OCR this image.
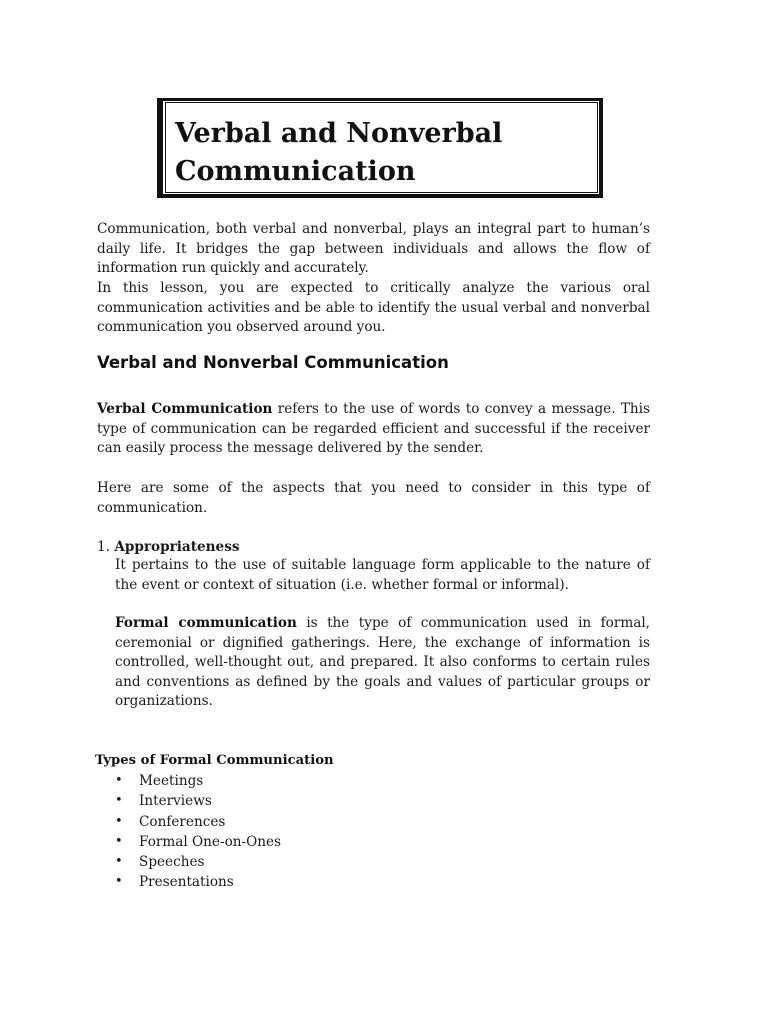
Verbal and Nonverbal
Communication

Communication, both verbal and nonverbal, plays an integral part to human’s daily life. It bridges the gap between individuals and allows the flow of information run quickly and accurately.

In this lesson, you are expected to critically analyze the various oral communication activities and be able to identify the usual verbal and nonverbal communication you observed around you.

Verbal and Nonverbal Communication

Verbal Communication refers to the use of words to convey a message. This type of communication can be regarded efficient and successful if the receiver can easily process the message delivered by the sender.

Here are some of the aspects that you need to consider in this type of communication.

1. Appropriateness

It pertains to the use of suitable language form applicable to the nature of the event or context of situation (i.e. whether formal or informal).

Formal communication is the type of communication used in formal, ceremonial or dignified gatherings. Here, the exchange of information is controlled, well-thought out, and prepared. It also conforms to certain rules and conventions as defined by the goals and values of particular groups or organizations.

Types of Formal Communication
• Meetings
• Interviews
• Conferences
• Formal One-on-Ones
• Speeches
• Presentations
